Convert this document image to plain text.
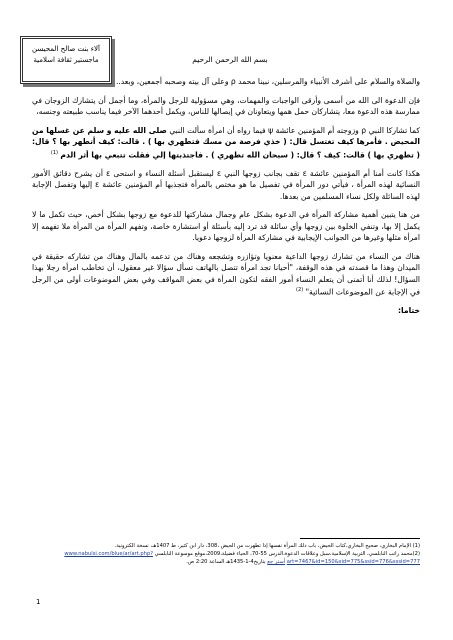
آلاء بنت صالح المحيسن
ماجستير ثقافة اسلامية	بسم الله الرحمن الرحيم

والصلاة والسلام على أشرف الأنبياء والمرسلين، نبينا محمد ρ وعلى آل بيته وصحبه أجمعين، وبعد..

فإن الدعوة الى الله من أسمى وأرقى الواجبات والمهمات، وهي مسؤولية للرجل والمرأة، وما أجمل أن يتشارك الزوجان في ممارسة هذه الدعوة معا، يتشاركان حمل همها ويتعاونان في إيصالها للناس، ويكمل أحدهما الآخر فيما يناسب طبيعته وجنسه،

كما تشاركا النبي ρ وزوجته أم المؤمنين عائشة ψ فيما رواه أن امرأة سألت النبي صلى الله عليه و سلم عن غسلها من المحيض . فأمرها كيف تغتسل قال: ( خذي فرصة من مسك فتطهري بها ) . قالت: كيف أتطهر بها ؟ قال: ( تطهري بها ) قالت: كيف ؟ قال: ( سبحان الله تطهري ) . فاجتذبتها إلي فقلت تتبعي بها أثر الدم $^{(1)}$

هكذا كانت أمنا أم المؤمنين عائشة ε تقف بجانب زوجها النبي ε ليستقبل أسئلة النساء و استحى ε أن يشرح دقائق الأمور النسائية لهذه المرأة ، فيأتي دور المرأة في تفصيل ما هو مختص بالمرأة فتجذبها أم المؤمنين عائشة ε إليها وتفصل الإجابة لهذه السائلة ولكل نساء المسلمين من بعدها.

من هنا يتبين أهمية مشاركة المرأة في الدعوة بشكل عام وجمال مشاركتها للدعوة مع زوجها بشكل أخص، حيث تكمل ما لا يكمل إلا بها، وتنفي الخلوة بين زوجها وأي سائلة قد ترد إليه بأسئلة أو استشارة خاصة، وتفهم المرأة من المرأة ملا تفهمه إلا امرأة مثلها وغيرها من الجوانب الإيجابية في مشاركة المرأة لزوجها دعويا.

هناك من النساء من تشارك زوجها الداعية معنويا وتؤازره وتشجعه وهناك من تدعمه بالمال وهناك من تشاركه حقيقة في الميدان وهذا ما قصدته في هذه الوقفة، "أحيانا تجد امرأة تتصل بالهاتف تسأل سؤالا غير معقول، أن تخاطب امرأة رجلا بهذا السؤال! لذلك أنا أتمنى أن يتعلم النساء أمور الفقه لتكون المرأة في بعض المواقف وفي بعض الموضوعات أولى من الرجل في الإجابة عن الموضوعات النسائية" $^{(2)}$

ختاما:

(1) الإمام البخاري، صحيح البخاري،كتاب الحيض، باب دلك المرأة نفسها إذا تطهرت من الحيض ،308، دار ابن كثير، ط 1407هـ، نسخة الكترونية.

(2)محمد راتب النابلسي، التربية الإسلامية،سبل وعلاقات الدعوة،الدرس 55-70، الحياء فضيلة،2009،موقع موسوعة النابلسي www.nabulsi.com/blue/ar/art.php?art=7467&id=150&sid=775&ssid=776&sssid=777 أستر جع بتاريخ4-1-1435هـ الساعة 2:20 ص.

1
